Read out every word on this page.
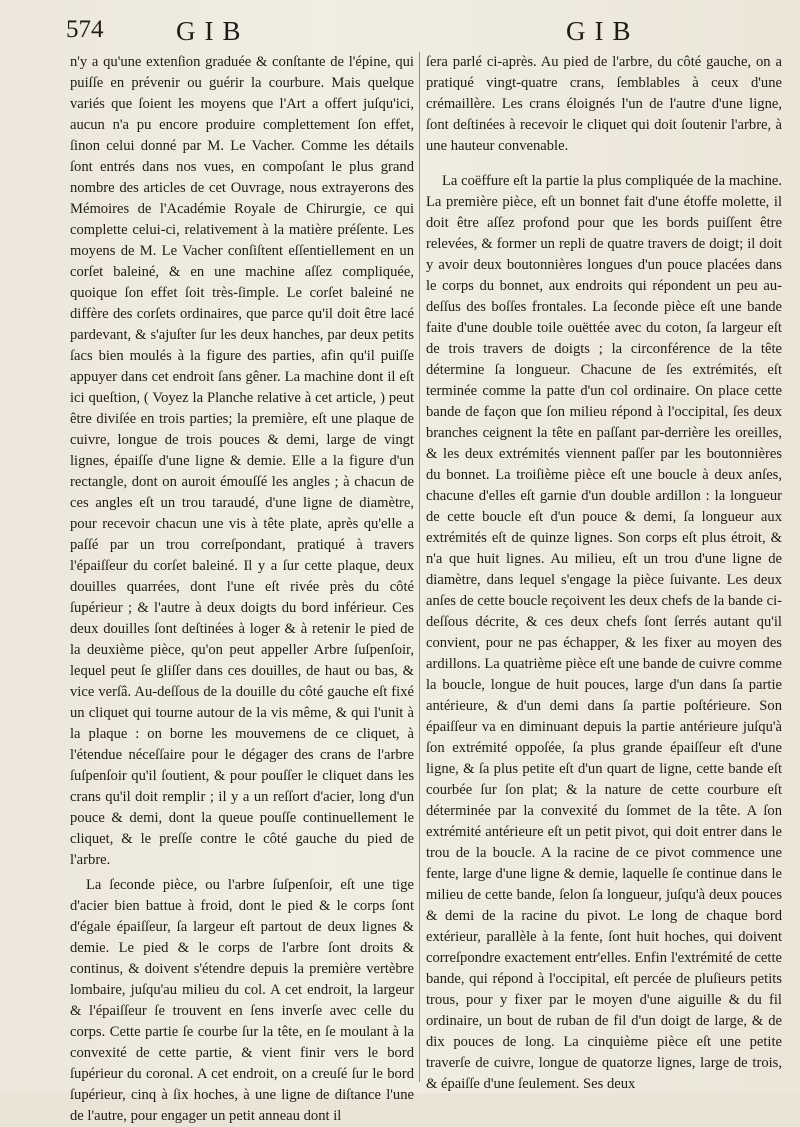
574	GIB	GIB

n'y a qu'une extenſion graduée & conſtante de l'épine, qui puiſſe en prévenir ou guérir la courbure. Mais quelque variés que ſoient les moyens que l'Art a offert juſqu'ici, aucun n'a pu encore produire complettement ſon effet, ſinon celui donné par M. Le Vacher. Comme les détails ſont entrés dans nos vues, en compoſant le plus grand nombre des articles de cet Ouvrage, nous extrayerons des Mémoires de l'Académie Royale de Chirurgie, ce qui complette celui-ci, relativement à la matière préſente. Les moyens de M. Le Vacher conſiſtent eſſentiellement en un corſet baleiné, & en une machine aſſez compliquée, quoique ſon effet ſoit très-ſimple. Le corſet baleiné ne diffère des corſets ordinaires, que parce qu'il doit être lacé pardevant, & s'ajuſter ſur les deux hanches, par deux petits ſacs bien moulés à la figure des parties, afin qu'il puiſſe appuyer dans cet endroit ſans gêner. La machine dont il eſt ici queſtion, ( Voyez la Planche relative à cet article, ) peut être diviſée en trois parties; la première, eſt une plaque de cuivre, longue de trois pouces & demi, large de vingt lignes, épaiſſe d'une ligne & demie. Elle a la figure d'un rectangle, dont on auroit émouſſé les angles ; à chacun de ces angles eſt un trou taraudé, d'une ligne de diamètre, pour recevoir chacun une vis à tête plate, après qu'elle a paſſé par un trou correſpondant, pratiqué à travers l'épaiſſeur du corſet baleiné. Il y a ſur cette plaque, deux douilles quarrées, dont l'une eſt rivée près du côté ſupérieur ; & l'autre à deux doigts du bord inférieur. Ces deux douilles ſont deſtinées à loger & à retenir le pied de la deuxième pièce, qu'on peut appeller Arbre ſuſpenſoir, lequel peut ſe gliſſer dans ces douilles, de haut ou bas, & vice verſâ. Au-deſſous de la douille du côté gauche eſt fixé un cliquet qui tourne autour de la vis même, & qui l'unit à la plaque : on borne les mouvemens de ce cliquet, à l'étendue néceſſaire pour le dégager des crans de l'arbre ſuſpenſoir qu'il ſoutient, & pour pouſſer le cliquet dans les crans qu'il doit remplir ; il y a un reſſort d'acier, long d'un pouce & demi, dont la queue pouſſe continuellement le cliquet, & le preſſe contre le côté gauche du pied de l'arbre.

La ſeconde pièce, ou l'arbre ſuſpenſoir, eſt une tige d'acier bien battue à froid, dont le pied & le corps ſont d'égale épaiſſeur, ſa largeur eſt partout de deux lignes & demie. Le pied & le corps de l'arbre ſont droits & continus, & doivent s'étendre depuis la première vertèbre lombaire, juſqu'au milieu du col. A cet endroit, la largeur & l'épaiſſeur ſe trouvent en ſens inverſe avec celle du corps. Cette partie ſe courbe ſur la tête, en ſe moulant à la convexité de cette partie, & vient finir vers le bord ſupérieur du coronal. A cet endroit, on a creuſé ſur le bord ſupérieur, cinq à ſix hoches, à une ligne de diſtance l'une de l'autre, pour engager un petit anneau dont il

ſera parlé ci-après. Au pied de l'arbre, du côté gauche, on a pratiqué vingt-quatre crans, ſemblables à ceux d'une crémaillère. Les crans éloignés l'un de l'autre d'une ligne, ſont deſtinées à recevoir le cliquet qui doit ſoutenir l'arbre, à une hauteur convenable.

La coëffure eſt la partie la plus compliquée de la machine. La première pièce, eſt un bonnet fait d'une étoffe molette, il doit être aſſez profond pour que les bords puiſſent être relevées, & former un repli de quatre travers de doigt; il doit y avoir deux boutonnières longues d'un pouce placées dans le corps du bonnet, aux endroits qui répondent un peu au-deſſus des boſſes frontales. La ſeconde pièce eſt une bande faite d'une double toile ouëttée avec du coton, ſa largeur eſt de trois travers de doigts ; la circonférence de la tête détermine ſa longueur. Chacune de ſes extrémités, eſt terminée comme la patte d'un col ordinaire. On place cette bande de façon que ſon milieu répond à l'occipital, ſes deux branches ceignent la tête en paſſant par-derrière les oreilles, & les deux extrémités viennent paſſer par les boutonnières du bonnet. La troiſième pièce eſt une boucle à deux anſes, chacune d'elles eſt garnie d'un double ardillon : la longueur de cette boucle eſt d'un pouce & demi, ſa longueur aux extrémités eſt de quinze lignes. Son corps eſt plus étroit, & n'a que huit lignes. Au milieu, eſt un trou d'une ligne de diamètre, dans lequel s'engage la pièce ſuivante. Les deux anſes de cette boucle reçoivent les deux chefs de la bande ci-deſſous décrite, & ces deux chefs ſont ſerrés autant qu'il convient, pour ne pas échapper, & les fixer au moyen des ardillons. La quatrième pièce eſt une bande de cuivre comme la boucle, longue de huit pouces, large d'un dans ſa partie antérieure, & d'un demi dans ſa partie poſtérieure. Son épaiſſeur va en diminuant depuis la partie antérieure juſqu'à ſon extrémité oppoſée, ſa plus grande épaiſſeur eſt d'une ligne, & ſa plus petite eſt d'un quart de ligne, cette bande eſt courbée ſur ſon plat; & la nature de cette courbure eſt déterminée par la convexité du ſommet de la tête. A ſon extrémité antérieure eſt un petit pivot, qui doit entrer dans le trou de la boucle. A la racine de ce pivot commence une fente, large d'une ligne & demie, laquelle ſe continue dans le milieu de cette bande, ſelon ſa longueur, juſqu'à deux pouces & demi de la racine du pivot. Le long de chaque bord extérieur, parallèle à la fente, ſont huit hoches, qui doivent correſpondre exactement entr'elles. Enfin l'extrémité de cette bande, qui répond à l'occipital, eſt percée de pluſieurs petits trous, pour y fixer par le moyen d'une aiguille & du fil ordinaire, un bout de ruban de fil d'un doigt de large, & de dix pouces de long. La cinquième pièce eſt une petite traverſe de cuivre, longue de quatorze lignes, large de trois, & épaiſſe d'une ſeulement. Ses deux
